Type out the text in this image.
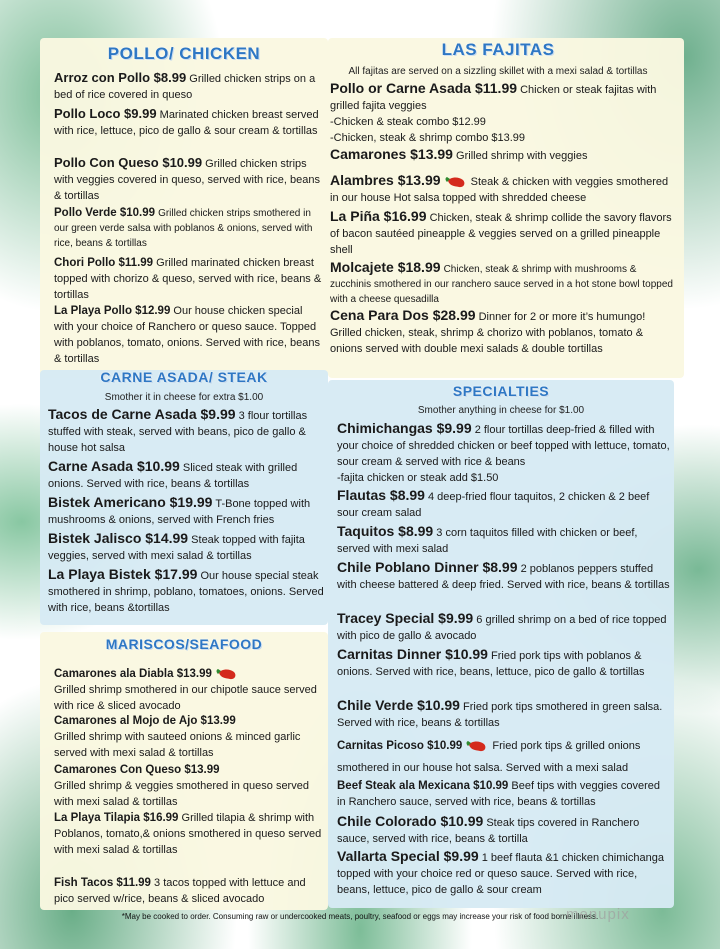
POLLO/ CHICKEN
Arroz con Pollo $8.99 Grilled chicken strips on a bed of rice covered in queso
Pollo Loco $9.99 Marinated chicken breast served with rice, lettuce, pico de gallo & sour cream & tortillas
Pollo Con Queso $10.99 Grilled chicken strips with veggies covered in queso, served with rice, beans & tortillas
Pollo Verde $10.99 Grilled chicken strips smothered in our green verde salsa with poblanos & onions, served with rice, beans & tortillas
Chori Pollo $11.99 Grilled marinated chicken breast topped with chorizo & queso, served with rice, beans & tortillas
La Playa Pollo $12.99 Our house chicken special with your choice of Ranchero or queso sauce. Topped with poblanos, tomato, onions. Served with rice, beans & tortillas
CARNE ASADA/ STEAK
Smother it in cheese for extra $1.00
Tacos de Carne Asada $9.99 3 flour tortillas stuffed with steak, served with beans, pico de gallo & house hot salsa
Carne Asada $10.99 Sliced steak with grilled onions. Served with rice, beans & tortillas
Bistek Americano $19.99 T-Bone topped with mushrooms & onions, served with French fries
Bistek Jalisco $14.99 Steak topped with fajita veggies, served with mexi salad & tortillas
La Playa Bistek $17.99 Our house special steak smothered in shrimp, poblano, tomatoes, onions. Served with rice, beans &tortillas
MARISCOS/SEAFOOD
Camarones ala Diabla $13.99
Grilled shrimp smothered in our chipotle sauce served with rice & sliced avocado
Camarones al Mojo de Ajo $13.99
Grilled shrimp with sauteed onions & minced garlic served with mexi salad & tortillas
Camarones Con Queso $13.99
Grilled shrimp & veggies smothered in queso served with mexi salad & tortillas
La Playa Tilapia $16.99 Grilled tilapia & shrimp with Poblanos, tomato,& onions smothered in queso served with mexi salad & tortillas
Fish Tacos $11.99 3 tacos topped with lettuce and pico served w/rice, beans & sliced avocado
LAS FAJITAS
All fajitas are served on a sizzling skillet with a mexi salad & tortillas
Pollo or Carne Asada $11.99 Chicken or steak fajitas with grilled fajita veggies
-Chicken & steak combo $12.99
-Chicken, steak & shrimp combo $13.99
Camarones $13.99 Grilled shrimp with veggies
Alambres $13.99	Steak & chicken with veggies smothered in our house Hot salsa topped with shredded cheese
La Piña $16.99 Chicken, steak & shrimp collide the savory flavors of bacon sautéed pineapple & veggies served on a grilled pineapple shell
Molcajete $18.99 Chicken, steak & shrimp with mushrooms & zucchinis smothered in our ranchero sauce served in a hot stone bowl topped with a cheese quesadilla
Cena Para Dos $28.99 Dinner for 2 or more it’s humungo! Grilled chicken, steak, shrimp & chorizo with poblanos, tomato & onions served with double mexi salads & double tortillas
SPECIALTIES
Smother anything in cheese for $1.00
Chimichangas $9.99 2 flour tortillas deep-fried & filled with your choice of shredded chicken or beef topped with lettuce, tomato, sour cream & served with rice & beans
-fajita chicken or steak add $1.50
Flautas $8.99 4 deep-fried flour taquitos, 2 chicken & 2 beef sour cream salad
Taquitos $8.99 3 corn taquitos filled with chicken or beef, served with mexi salad
Chile Poblano Dinner $8.99 2 poblanos peppers stuffed with cheese battered & deep fried. Served with rice, beans & tortillas
Tracey Special $9.99 6 grilled shrimp on a bed of rice topped with pico de gallo & avocado
Carnitas Dinner $10.99 Fried pork tips with poblanos & onions. Served with rice, beans, lettuce, pico de gallo & tortillas
Chile Verde $10.99 Fried pork tips smothered in green salsa. Served with rice, beans & tortillas
Carnitas Picoso $10.99	Fried pork tips & grilled onions smothered in our house hot salsa. Served with a mexi salad
Beef Steak ala Mexicana $10.99 Beef tips with veggies covered in Ranchero sauce, served with rice, beans & tortillas
Chile Colorado $10.99 Steak tips covered in Ranchero sauce, served with rice, beans & tortilla
Vallarta Special $9.99 1 beef flauta &1 chicken chimichanga topped with your choice red or queso sauce. Served with rice, beans, lettuce, pico de gallo & sour cream
*May be cooked to order. Consuming raw or undercooked meats, poultry, seafood or eggs may increase your risk of food borne illness.
menupix
